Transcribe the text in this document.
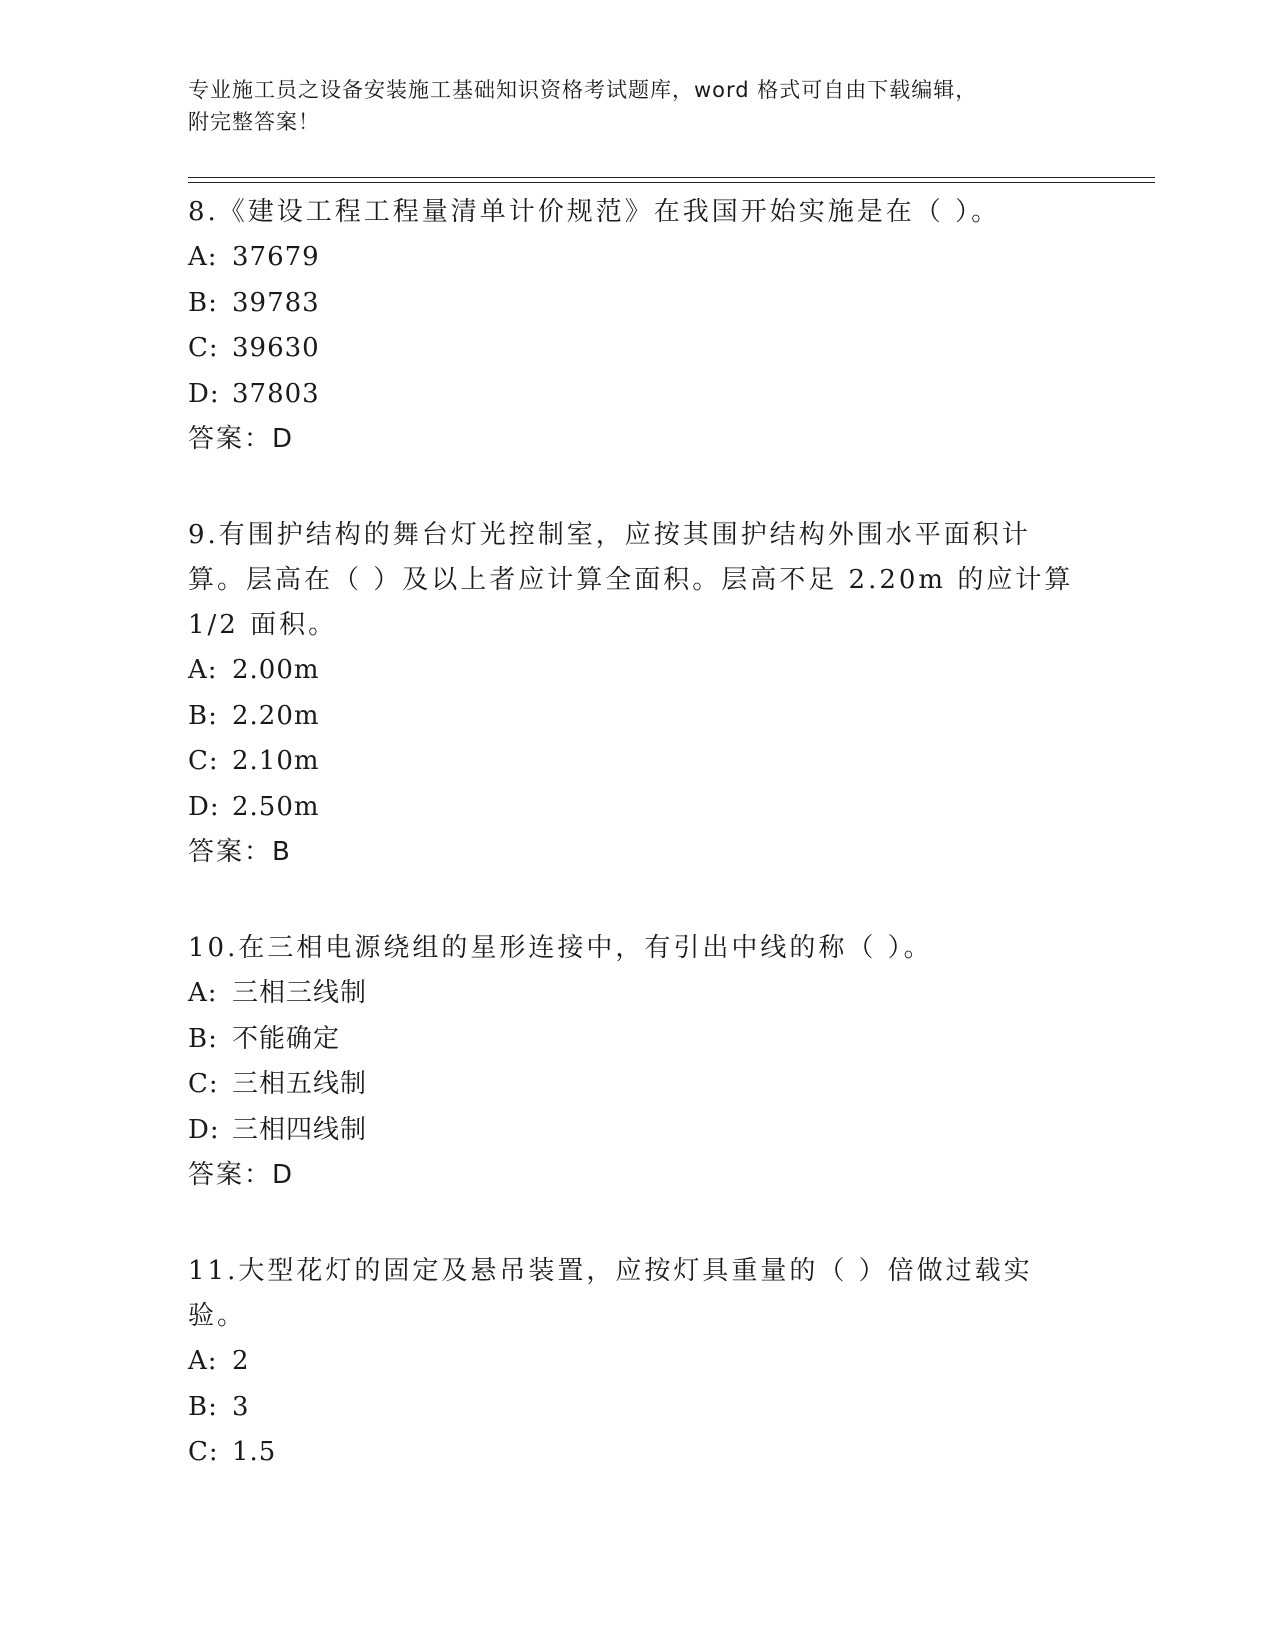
专业施工员之设备安装施工基础知识资格考试题库，word 格式可自由下载编辑，
附完整答案！

8.《建设工程工程量清单计价规范》在我国开始实施是在（ ）。

A: 37679

B: 39783

C: 39630

D: 37803

答案：D

9.有围护结构的舞台灯光控制室，应按其围护结构外围水平面积计算。层高在（ ）及以上者应计算全面积。层高不足 2.20m 的应计算 1/2 面积。

A: 2.00m

B: 2.20m

C: 2.10m

D: 2.50m

答案：B

10.在三相电源绕组的星形连接中，有引出中线的称（ ）。

A: 三相三线制

B: 不能确定

C: 三相五线制

D: 三相四线制

答案：D

11.大型花灯的固定及悬吊装置，应按灯具重量的（ ）倍做过载实验。

A: 2

B: 3

C: 1.5
